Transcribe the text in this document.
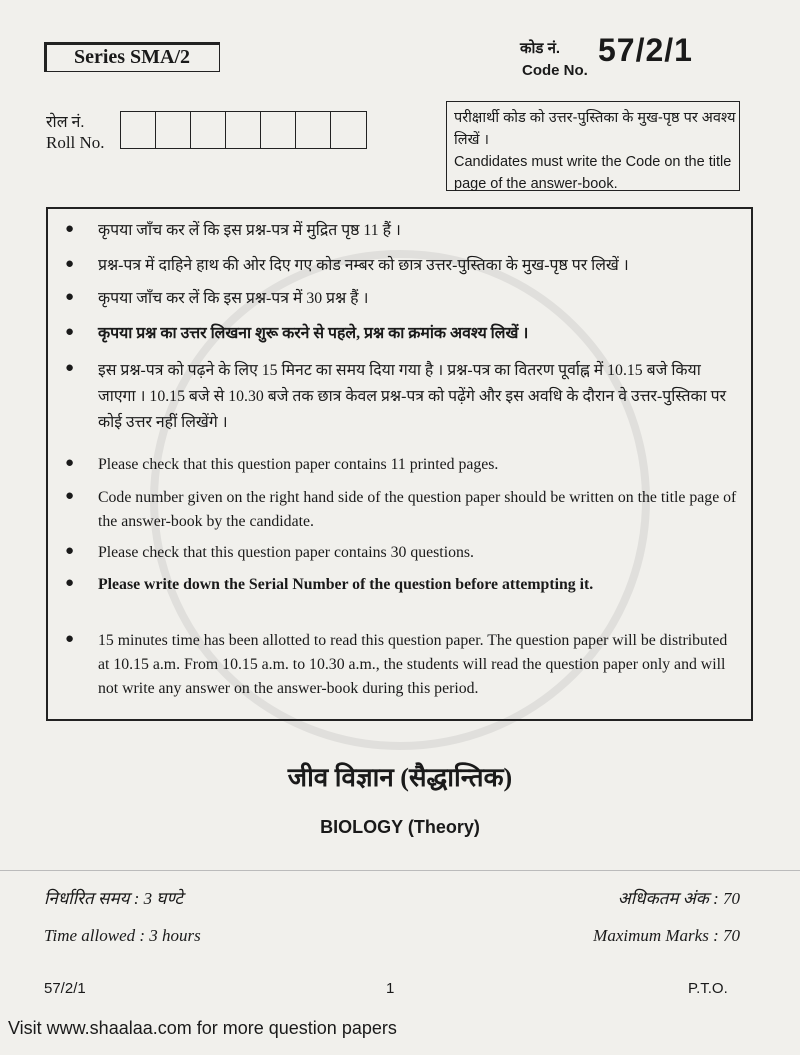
Series SMA/2	कोड नं.
Code No.
57/2/1
रोल नं.
Roll No.
परीक्षार्थी कोड को उत्तर-पुस्तिका के मुख-पृष्ठ पर अवश्य लिखें ।
Candidates must write the Code on the title page of the answer-book.
● कृपया जाँच कर लें कि इस प्रश्न-पत्र में मुद्रित पृष्ठ 11 हैं ।
● प्रश्न-पत्र में दाहिने हाथ की ओर दिए गए कोड नम्बर को छात्र उत्तर-पुस्तिका के मुख-पृष्ठ पर लिखें ।
● कृपया जाँच कर लें कि इस प्रश्न-पत्र में 30 प्रश्न हैं ।
● कृपया प्रश्न का उत्तर लिखना शुरू करने से पहले, प्रश्न का क्रमांक अवश्य लिखें ।
● इस प्रश्न-पत्र को पढ़ने के लिए 15 मिनट का समय दिया गया है । प्रश्न-पत्र का वितरण पूर्वाह्न में 10.15 बजे किया जाएगा । 10.15 बजे से 10.30 बजे तक छात्र केवल प्रश्न-पत्र को पढ़ेंगे और इस अवधि के दौरान वे उत्तर-पुस्तिका पर कोई उत्तर नहीं लिखेंगे ।
● Please check that this question paper contains 11 printed pages.
● Code number given on the right hand side of the question paper should be written on the title page of the answer-book by the candidate.
● Please check that this question paper contains 30 questions.
● Please write down the Serial Number of the question before attempting it.
● 15 minutes time has been allotted to read this question paper. The question paper will be distributed at 10.15 a.m. From 10.15 a.m. to 10.30 a.m., the students will read the question paper only and will not write any answer on the answer-book during this period.
जीव विज्ञान (सैद्धान्तिक)
BIOLOGY (Theory)
निर्धारित समय : 3 घण्टे	अधिकतम अंक : 70
Time allowed : 3 hours	Maximum Marks : 70
57/2/1	1	P.T.O.
Visit www.shaalaa.com for more question papers
